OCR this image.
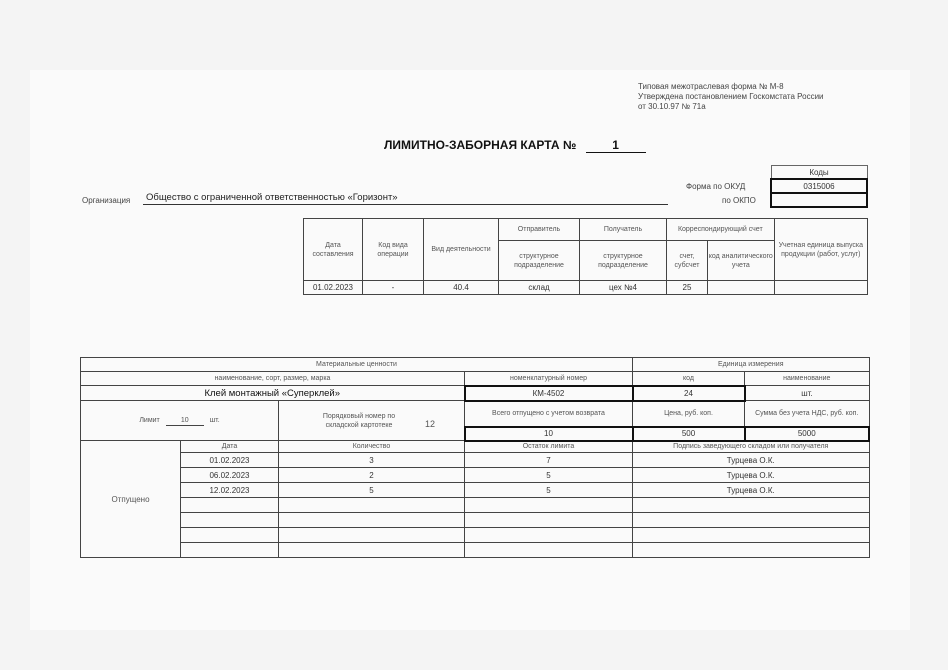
Типовая межотраслевая форма № М-8
Утверждена постановлением Госкомстата России
от 30.10.97 № 71а
ЛИМИТНО-ЗАБОРНАЯ КАРТА №	1
Коды
0315006

Форма по ОКУД
по ОКПО
Организация Общество с ограниченной ответственностью «Горизонт»
Дата составления	Код вида операции	Вид деятельности	Отправитель	Получатель	Корреспондирующий счет		Учетная единица выпуска продукции (работ, услуг)
			структурное подразделение	структурное подразделение	счет, субсчет	код аналитического учета	
01.02.2023	-	40.4	склад	цех №4	25		
Материальные ценности				Единица измерения	
наименование, сорт, размер, марка			номенклатурный номер	код	наименование
Клей монтажный «Суперклей»			КМ-4502	24	шт.
Лимит 10 шт.		Порядковый номер по складской картотеке 12	Всего отпущено с учетом возврата	Цена, руб. коп.	Сумма без учета НДС, руб. коп.
			10	500	5000
Отпущено	Дата	Количество	Остаток лимита	Подпись заведующего складом или получателя	
	01.02.2023	3	7	Турцева О.К.	
	06.02.2023	2	5	Турцева О.К.	
	12.02.2023	5	5	Турцева О.К.	
